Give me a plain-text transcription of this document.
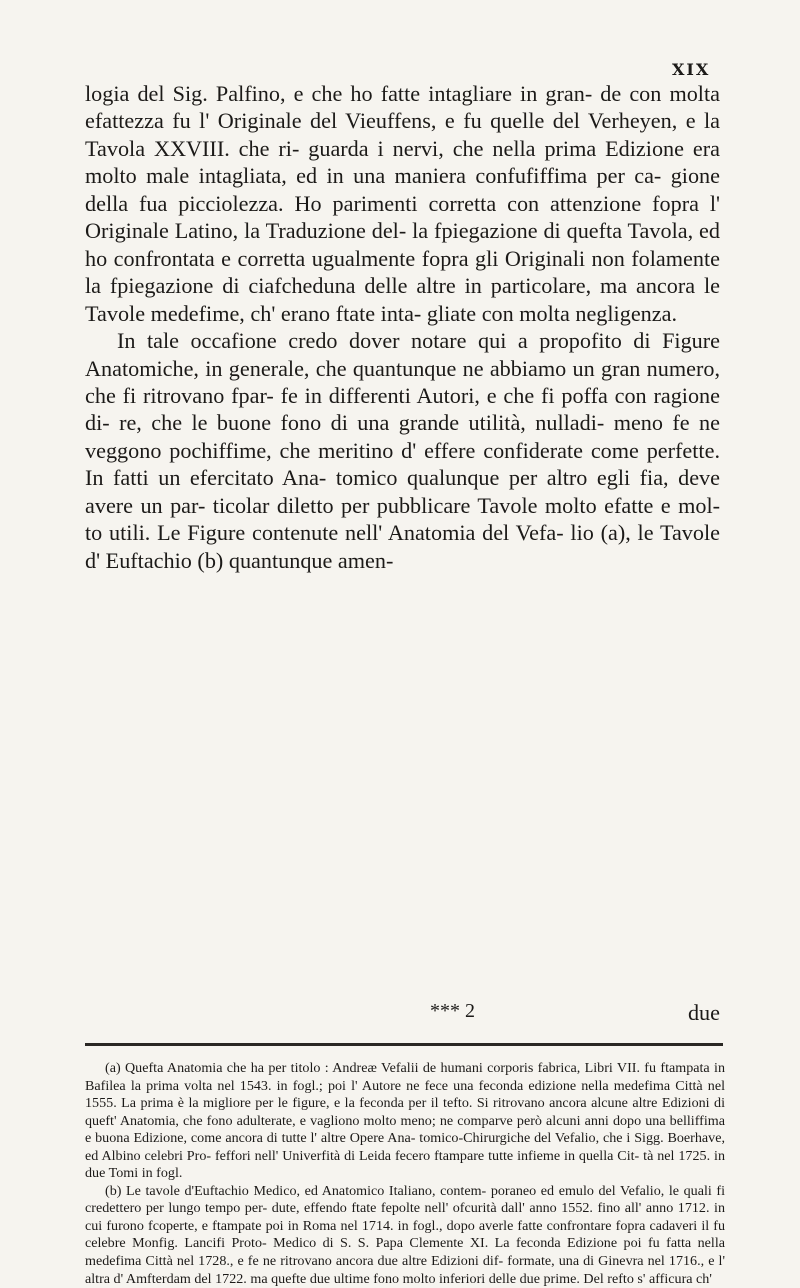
XIX

logia del Sig. Palfino, e che ho fatte intagliare in gran- de con molta efattezza fu l' Originale del Vieuffens, e fu quelle del Verheyen, e la Tavola XXVIII. che ri- guarda i nervi, che nella prima Edizione era molto male intagliata, ed in una maniera confufiffima per ca- gione della fua picciolezza. Ho parimenti corretta con attenzione fopra l' Originale Latino, la Traduzione del- la fpiegazione di quefta Tavola, ed ho confrontata e corretta ugualmente fopra gli Originali non folamente la fpiegazione di ciafcheduna delle altre in particolare, ma ancora le Tavole medefime, ch' erano ftate inta- gliate con molta negligenza.

In tale occafione credo dover notare qui a propofito di Figure Anatomiche, in generale, che quantunque ne abbiamo un gran numero, che fi ritrovano fpar- fe in differenti Autori, e che fi poffa con ragione di- re, che le buone fono di una grande utilità, nulladi- meno fe ne veggono pochiffime, che meritino d' effere confiderate come perfette. In fatti un efercitato Ana- tomico qualunque per altro egli fia, deve avere un par- ticolar diletto per pubblicare Tavole molto efatte e mol- to utili. Le Figure contenute nell' Anatomia del Vefa- lio (a), le Tavole d' Euftachio (b) quantunque amen-

*** 2	due

(a) Quefta Anatomia che ha per titolo : Andreæ Vefalii de humani corporis fabrica, Libri VII. fu ftampata in Bafilea la prima volta nel 1543. in fogl.; poi l' Autore ne fece una feconda edizione nella medefima Città nel 1555. La prima è la migliore per le figure, e la feconda per il tefto. Si ritrovano ancora alcune altre Edizioni di queft' Anatomia, che fono adulterate, e vagliono molto meno; ne comparve però alcuni anni dopo una belliffima e buona Edizione, come ancora di tutte l' altre Opere Ana- tomico-Chirurgiche del Vefalio, che i Sigg. Boerhave, ed Albino celebri Pro- feffori nell' Univerfità di Leida fecero ftampare tutte infieme in quella Cit- tà nel 1725. in due Tomi in fogl.

(b) Le tavole d'Euftachio Medico, ed Anatomico Italiano, contem- poraneo ed emulo del Vefalio, le quali fi credettero per lungo tempo per- dute, effendo ftate fepolte nell' ofcurità dall' anno 1552. fino all' anno 1712. in cui furono fcoperte, e ftampate poi in Roma nel 1714. in fogl., dopo averle fatte confrontare fopra cadaveri il fu celebre Monfig. Lancifi Proto- Medico di S. S. Papa Clemente XI. La feconda Edizione poi fu fatta nella medefima Città nel 1728., e fe ne ritrovano ancora due altre Edizioni dif- formate, una di Ginevra nel 1716., e l' altra d' Amfterdam del 1722. ma quefte due ultime fono molto inferiori delle due prime. Del refto s' afficura ch'
